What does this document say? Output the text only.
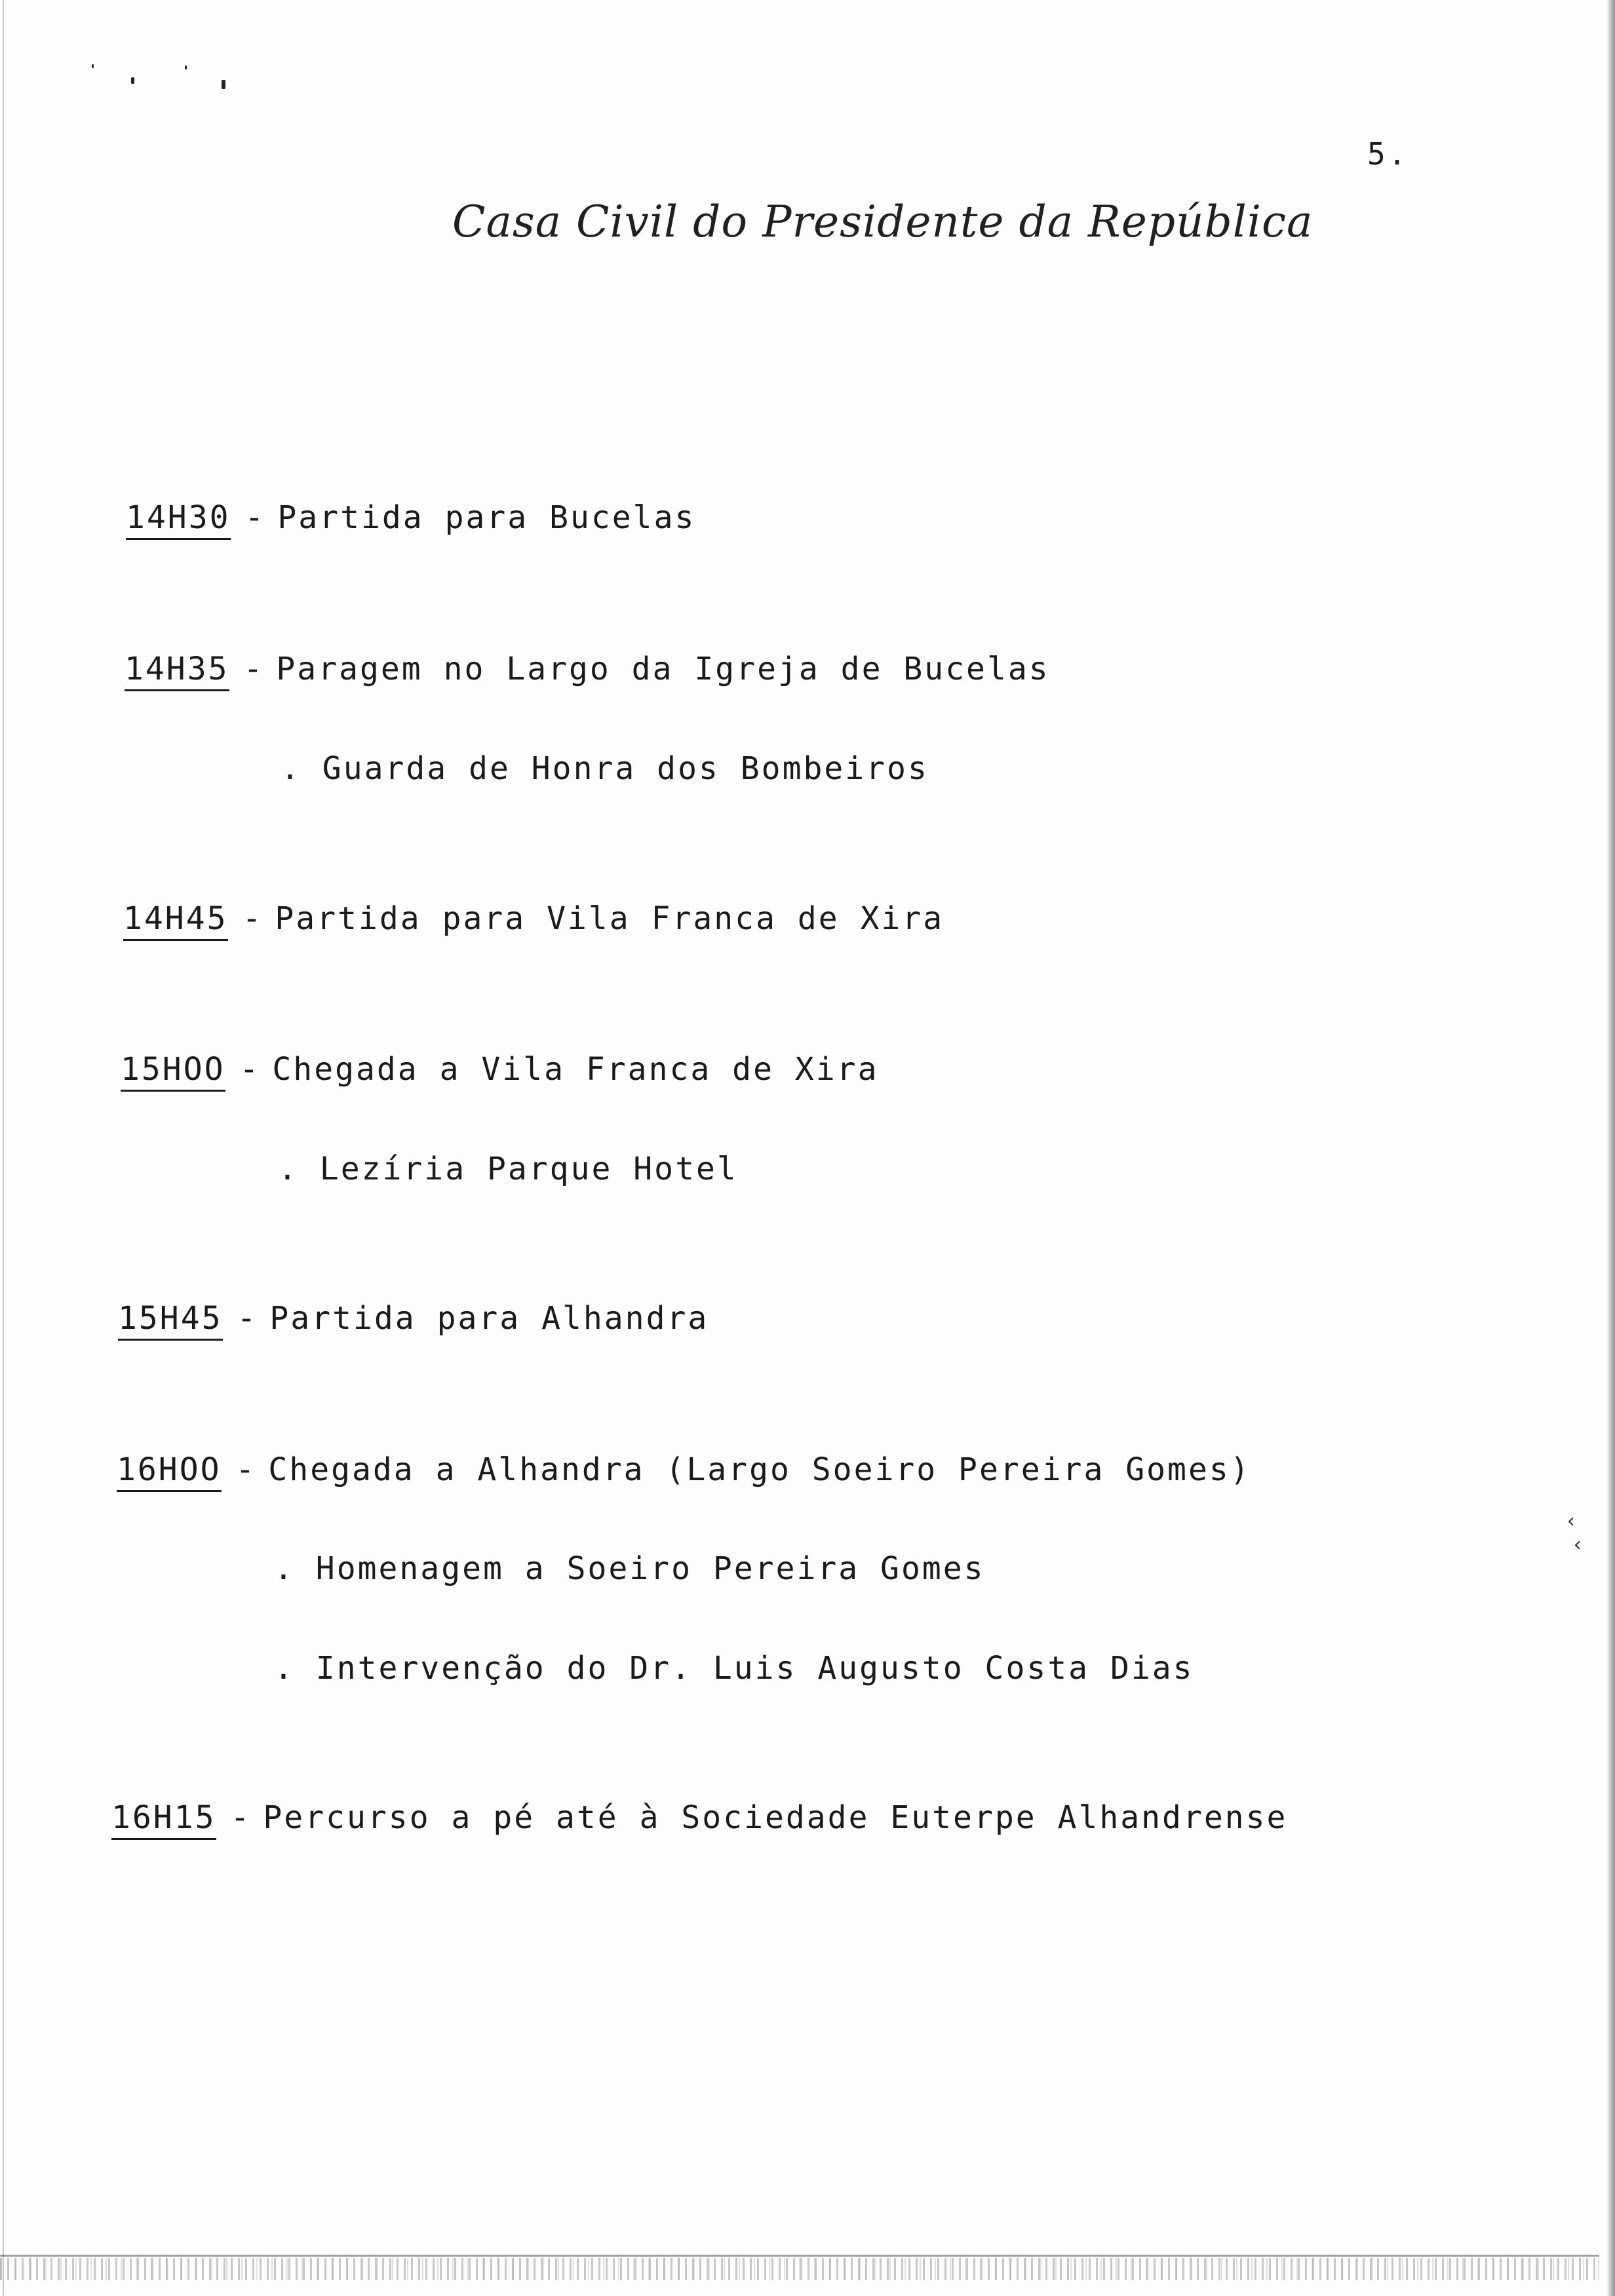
5.
Casa Civil do Presidente da República
14H30 - Partida para Bucelas
14H35 - Paragem no Largo da Igreja de Bucelas
. Guarda de Honra dos Bombeiros
14H45 - Partida para Vila Franca de Xira
15HOO - Chegada a Vila Franca de Xira
. Lezíria Parque Hotel
15H45 - Partida para Alhandra
16HOO - Chegada a Alhandra (Largo Soeiro Pereira Gomes)
. Homenagem a Soeiro Pereira Gomes
. Intervenção do Dr. Luis Augusto Costa Dias
16H15 - Percurso a pé até à Sociedade Euterpe Alhandrense
‹
‹
